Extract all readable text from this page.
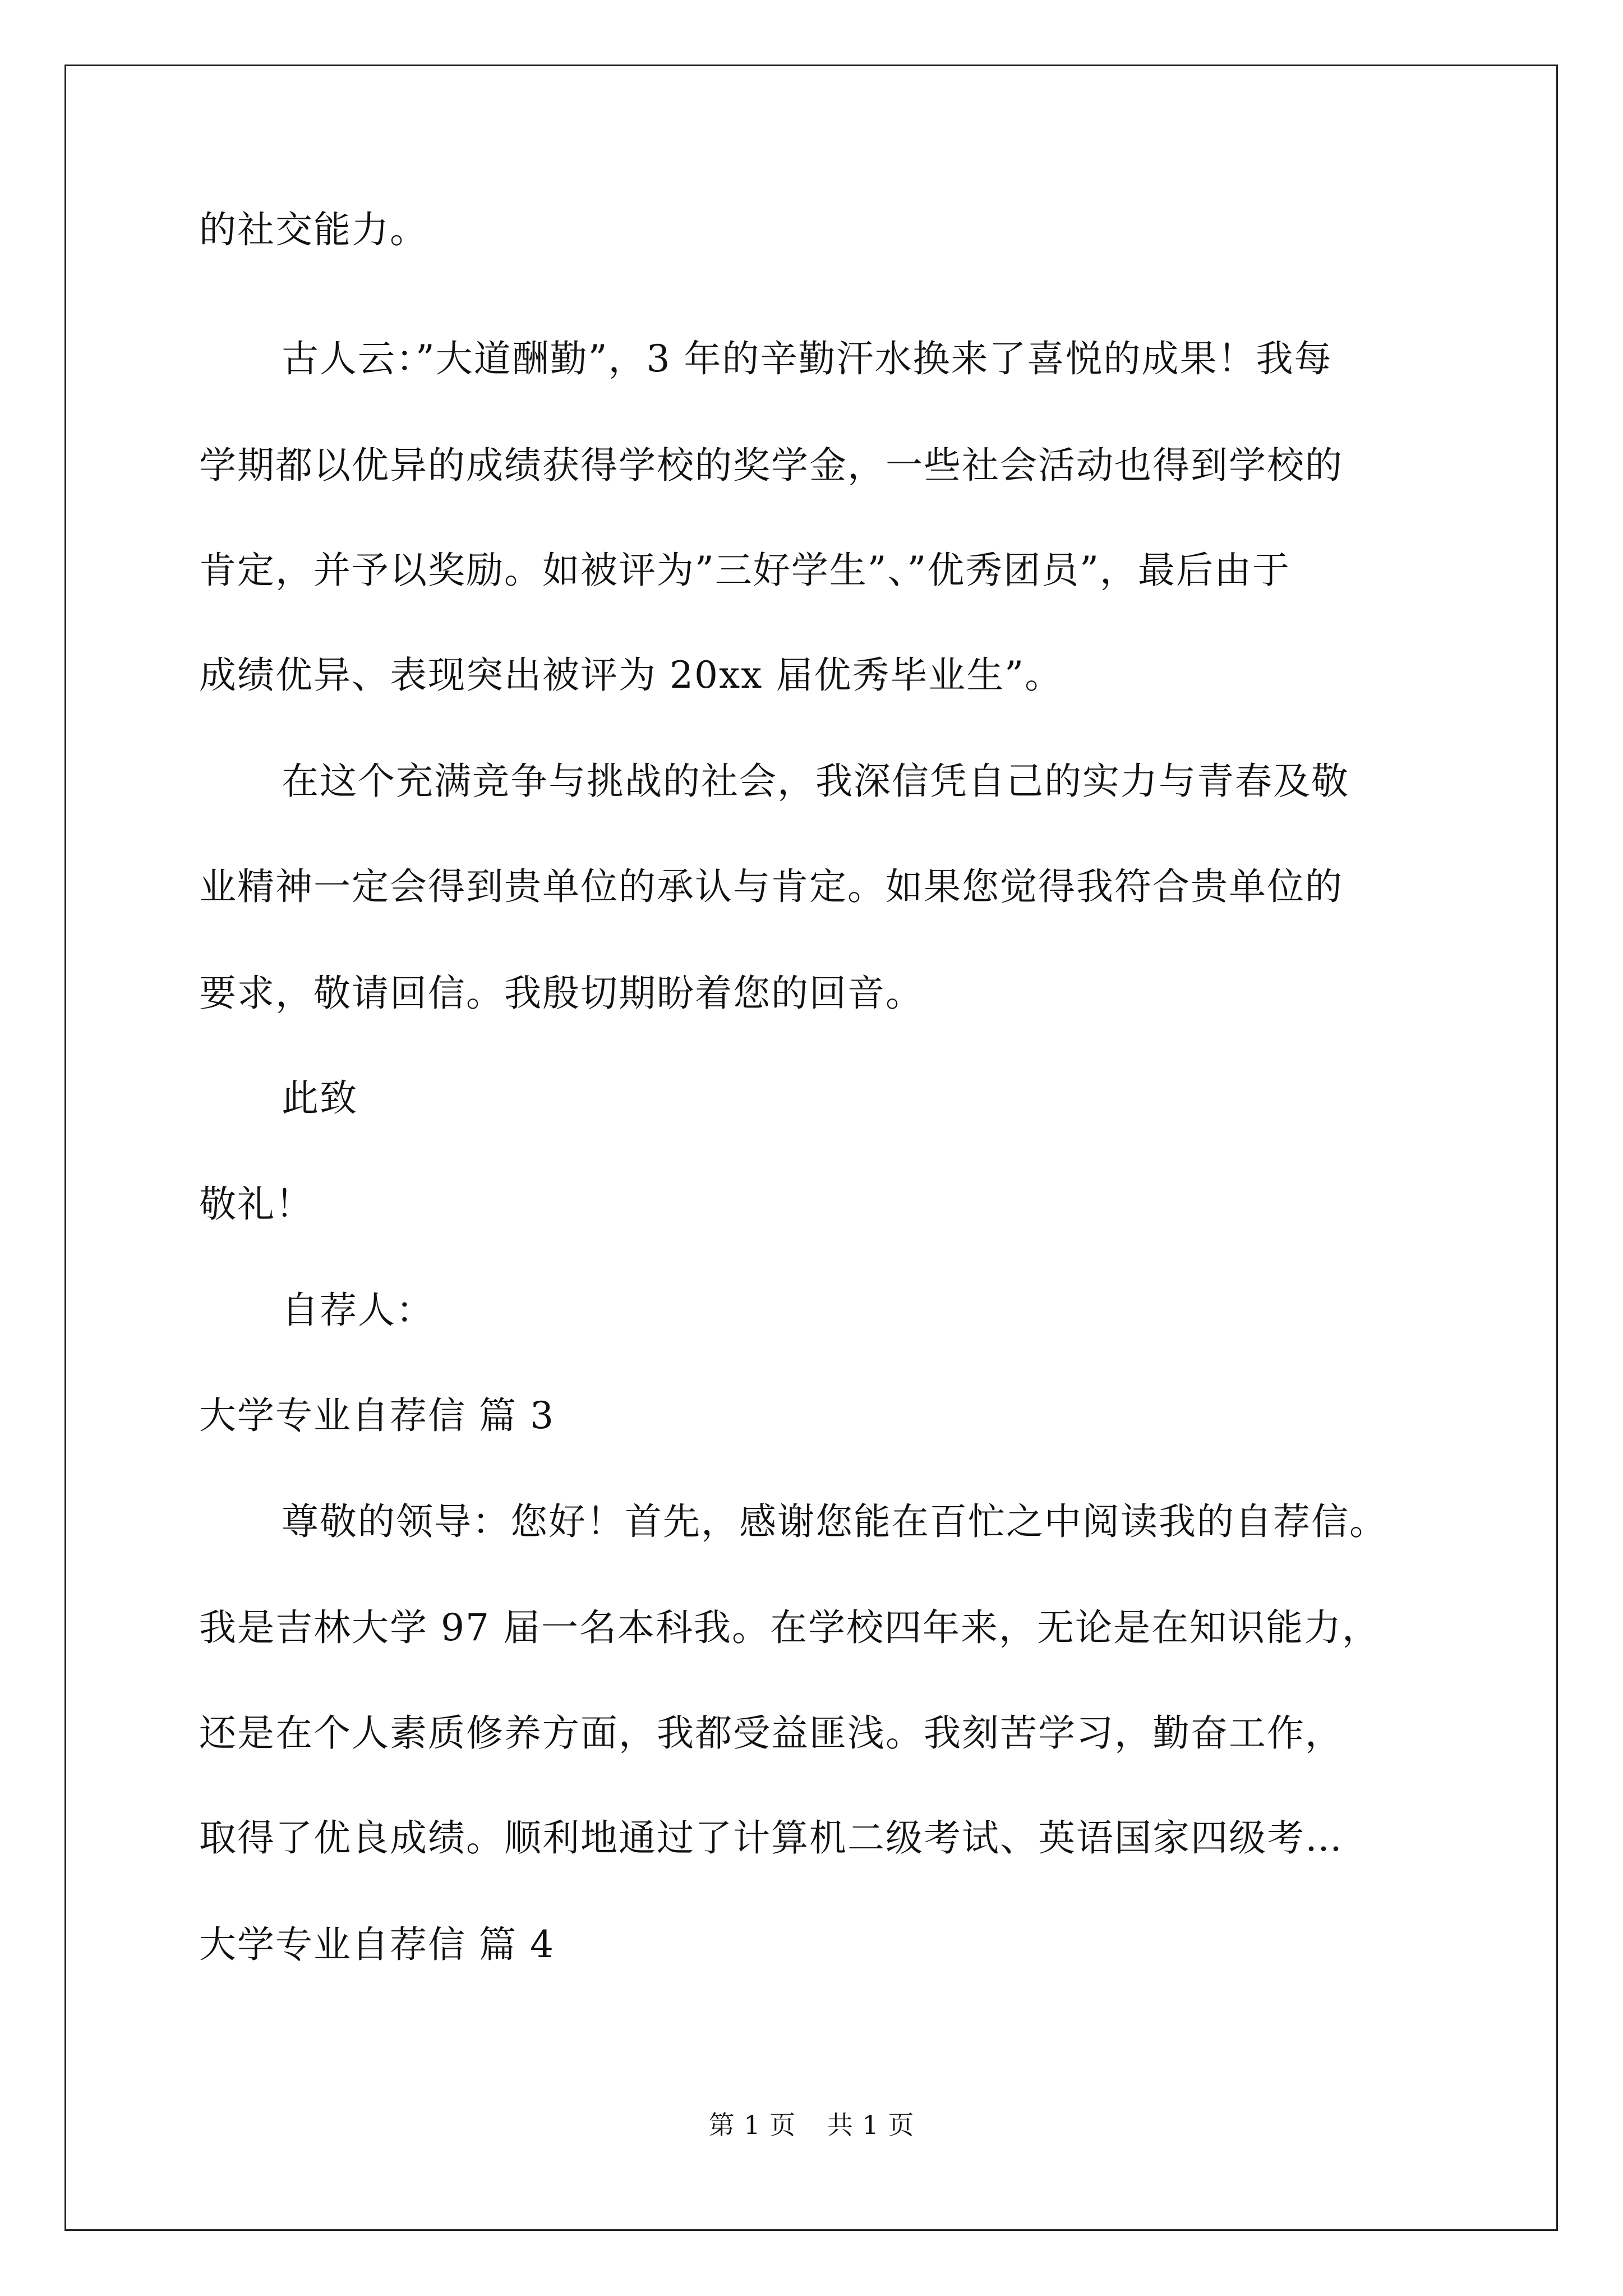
的社交能力。
古人云：”大道酬勤”，3 年的辛勤汗水换来了喜悦的成果！我每
学期都以优异的成绩获得学校的奖学金，一些社会活动也得到学校的
肯定，并予以奖励。如被评为”三好学生”、”优秀团员”，最后由于
成绩优异、表现突出被评为 20xx 届优秀毕业生”。
在这个充满竞争与挑战的社会，我深信凭自己的实力与青春及敬
业精神一定会得到贵单位的承认与肯定。如果您觉得我符合贵单位的
要求，敬请回信。我殷切期盼着您的回音。
此致
敬礼！
自荐人：
大学专业自荐信 篇 3
尊敬的领导：您好！首先，感谢您能在百忙之中阅读我的自荐信。
我是吉林大学 97 届一名本科我。在学校四年来，无论是在知识能力，
还是在个人素质修养方面，我都受益匪浅。我刻苦学习，勤奋工作，
取得了优良成绩。顺利地通过了计算机二级考试、英语国家四级考…
大学专业自荐信 篇 4
第 1 页 共 1 页
